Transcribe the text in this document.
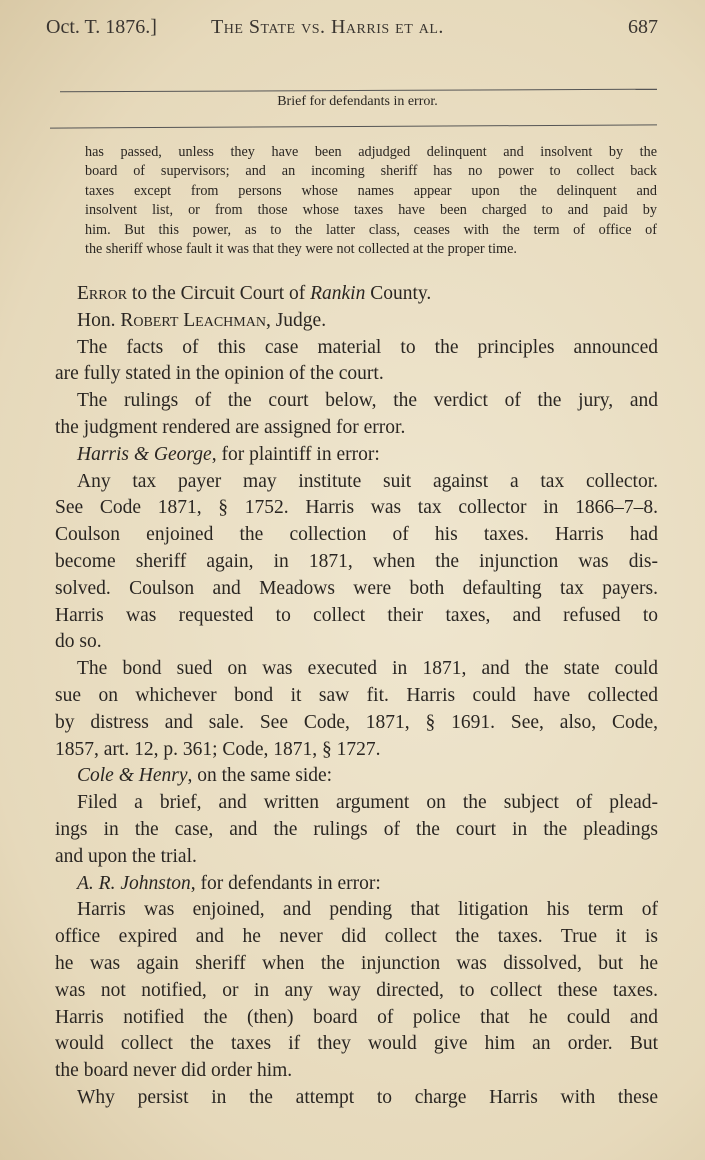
Oct. T. 1876.]	The State vs. Harris et al.	687
Brief for defendants in error.
has passed, unless they have been adjudged delinquent and insolvent by the
board of supervisors; and an incoming sheriff has no power to collect back
taxes except from persons whose names appear upon the delinquent and
insolvent list, or from those whose taxes have been charged to and paid by
him. But this power, as to the latter class, ceases with the term of office of
the sheriff whose fault it was that they were not collected at the proper time.
Error to the Circuit Court of Rankin County.
Hon. Robert Leachman, Judge.
The facts of this case material to the principles announced
are fully stated in the opinion of the court.
The rulings of the court below, the verdict of the jury, and
the judgment rendered are assigned for error.
Harris & George, for plaintiff in error:
Any tax payer may institute suit against a tax collector.
See Code 1871, § 1752. Harris was tax collector in 1866–7–8.
Coulson enjoined the collection of his taxes. Harris had
become sheriff again, in 1871, when the injunction was dis-
solved. Coulson and Meadows were both defaulting tax payers.
Harris was requested to collect their taxes, and refused to
do so.
The bond sued on was executed in 1871, and the state could
sue on whichever bond it saw fit. Harris could have collected
by distress and sale. See Code, 1871, § 1691. See, also, Code,
1857, art. 12, p. 361; Code, 1871, § 1727.
Cole & Henry, on the same side:
Filed a brief, and written argument on the subject of plead-
ings in the case, and the rulings of the court in the pleadings
and upon the trial.
A. R. Johnston, for defendants in error:
Harris was enjoined, and pending that litigation his term of
office expired and he never did collect the taxes. True it is
he was again sheriff when the injunction was dissolved, but he
was not notified, or in any way directed, to collect these taxes.
Harris notified the (then) board of police that he could and
would collect the taxes if they would give him an order. But
the board never did order him.
Why persist in the attempt to charge Harris with these
